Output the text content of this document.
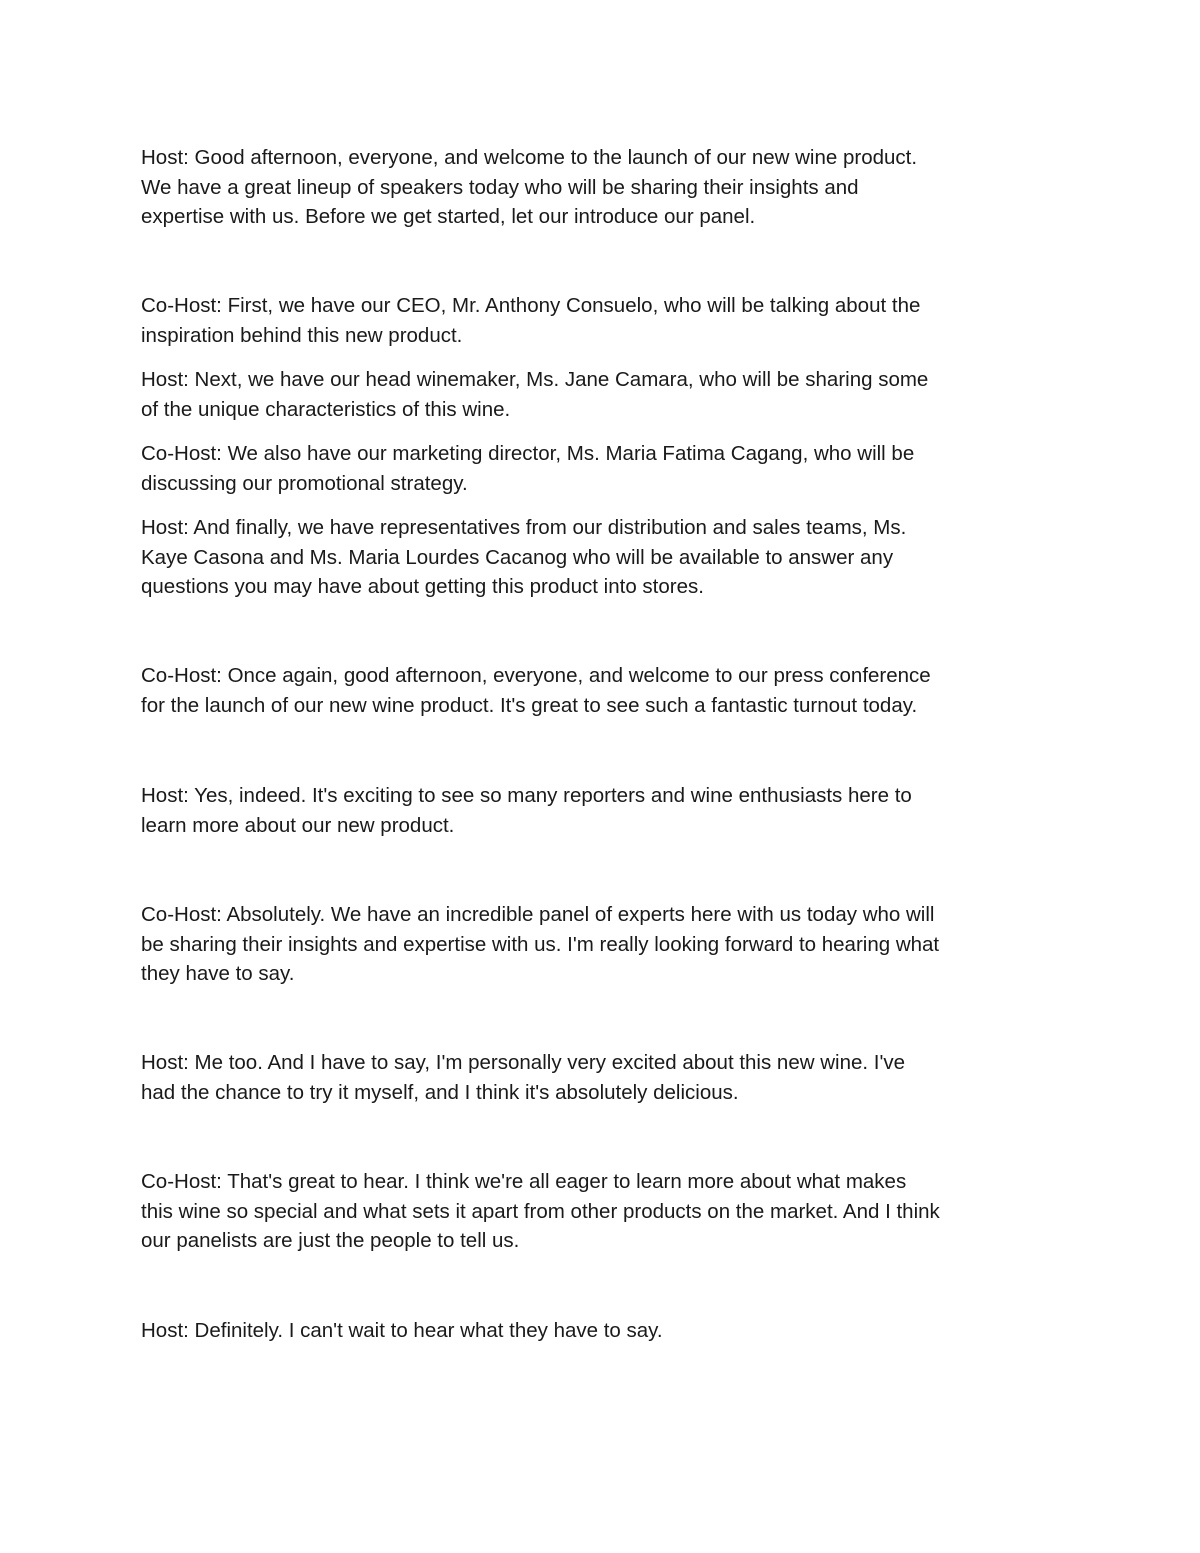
Host: Good afternoon, everyone, and welcome to the launch of our new wine product.
We have a great lineup of speakers today who will be sharing their insights and
expertise with us. Before we get started, let our introduce our panel.
Co-Host: First, we have our CEO, Mr. Anthony Consuelo, who will be talking about the
inspiration behind this new product.
Host: Next, we have our head winemaker, Ms. Jane Camara, who will be sharing some
of the unique characteristics of this wine.
Co-Host: We also have our marketing director, Ms. Maria Fatima Cagang, who will be
discussing our promotional strategy.
Host: And finally, we have representatives from our distribution and sales teams, Ms.
Kaye Casona and Ms. Maria Lourdes Cacanog who will be available to answer any
questions you may have about getting this product into stores.
Co-Host: Once again, good afternoon, everyone, and welcome to our press conference
for the launch of our new wine product. It's great to see such a fantastic turnout today.
Host: Yes, indeed. It's exciting to see so many reporters and wine enthusiasts here to
learn more about our new product.
Co-Host: Absolutely. We have an incredible panel of experts here with us today who will
be sharing their insights and expertise with us. I'm really looking forward to hearing what
they have to say.
Host: Me too. And I have to say, I'm personally very excited about this new wine. I've
had the chance to try it myself, and I think it's absolutely delicious.
Co-Host: That's great to hear. I think we're all eager to learn more about what makes
this wine so special and what sets it apart from other products on the market. And I think
our panelists are just the people to tell us.
Host: Definitely. I can't wait to hear what they have to say.
